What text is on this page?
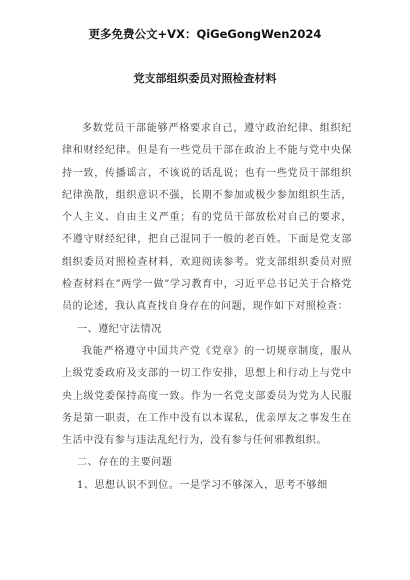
更多免费公文+VX：QiGeGongWen2024
党支部组织委员对照检查材料

多数党员干部能够严格要求自己，遵守政治纪律、组织纪律和财经纪律。但是有一些党员干部在政治上不能与党中央保持一致，传播谣言，不该说的话乱说；也有一些党员干部组织纪律涣散，组织意识不强，长期不参加或极少参加组织生活，个人主义、自由主义严重；有的党员干部放松对自己的要求，不遵守财经纪律，把自己混同于一般的老百姓。下面是党支部组织委员对照检查材料，欢迎阅读参考。党支部组织委员对照检查材料在”两学一做”学习教育中，习近平总书记关于合格党员的论述，我认真查找自身存在的问题，现作如下对照检查：

一、遵纪守法情况

我能严格遵守中国共产党《党章》的一切规章制度，服从上级党委政府及支部的一切工作安排，思想上和行动上与党中央上级党委保持高度一致。作为一名党支部委员为党为人民服务是第一职责，在工作中没有以本谋私，优亲厚友之事发生在生活中没有参与违法乱纪行为，没有参与任何邪教组织。

二、存在的主要问题

1、思想认识不到位。一是学习不够深入，思考不够细
